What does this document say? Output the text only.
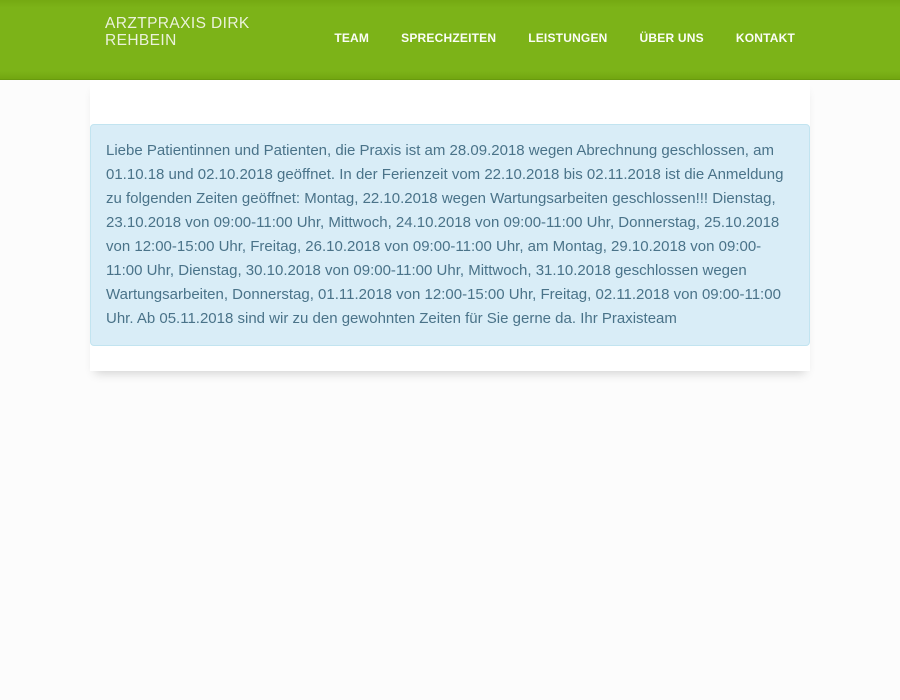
ARZTPRAXIS DIRK REHBEIN	TEAM	SPRECHZEITEN	LEISTUNGEN	ÜBER UNS	KONTAKT

Liebe Patientinnen und Patienten, die Praxis ist am 28.09.2018 wegen Abrechnung geschlossen, am 01.10.18 und 02.10.2018 geöffnet. In der Ferienzeit vom 22.10.2018 bis 02.11.2018 ist die Anmeldung zu folgenden Zeiten geöffnet: Montag, 22.10.2018 wegen Wartungsarbeiten geschlossen!!! Dienstag, 23.10.2018 von 09:00-11:00 Uhr, Mittwoch, 24.10.2018 von 09:00-11:00 Uhr, Donnerstag, 25.10.2018 von 12:00-15:00 Uhr, Freitag, 26.10.2018 von 09:00-11:00 Uhr, am Montag, 29.10.2018 von 09:00-11:00 Uhr, Dienstag, 30.10.2018 von 09:00-11:00 Uhr, Mittwoch, 31.10.2018 geschlossen wegen Wartungsarbeiten, Donnerstag, 01.11.2018 von 12:00-15:00 Uhr, Freitag, 02.11.2018 von 09:00-11:00 Uhr. Ab 05.11.2018 sind wir zu den gewohnten Zeiten für Sie gerne da. Ihr Praxisteam
